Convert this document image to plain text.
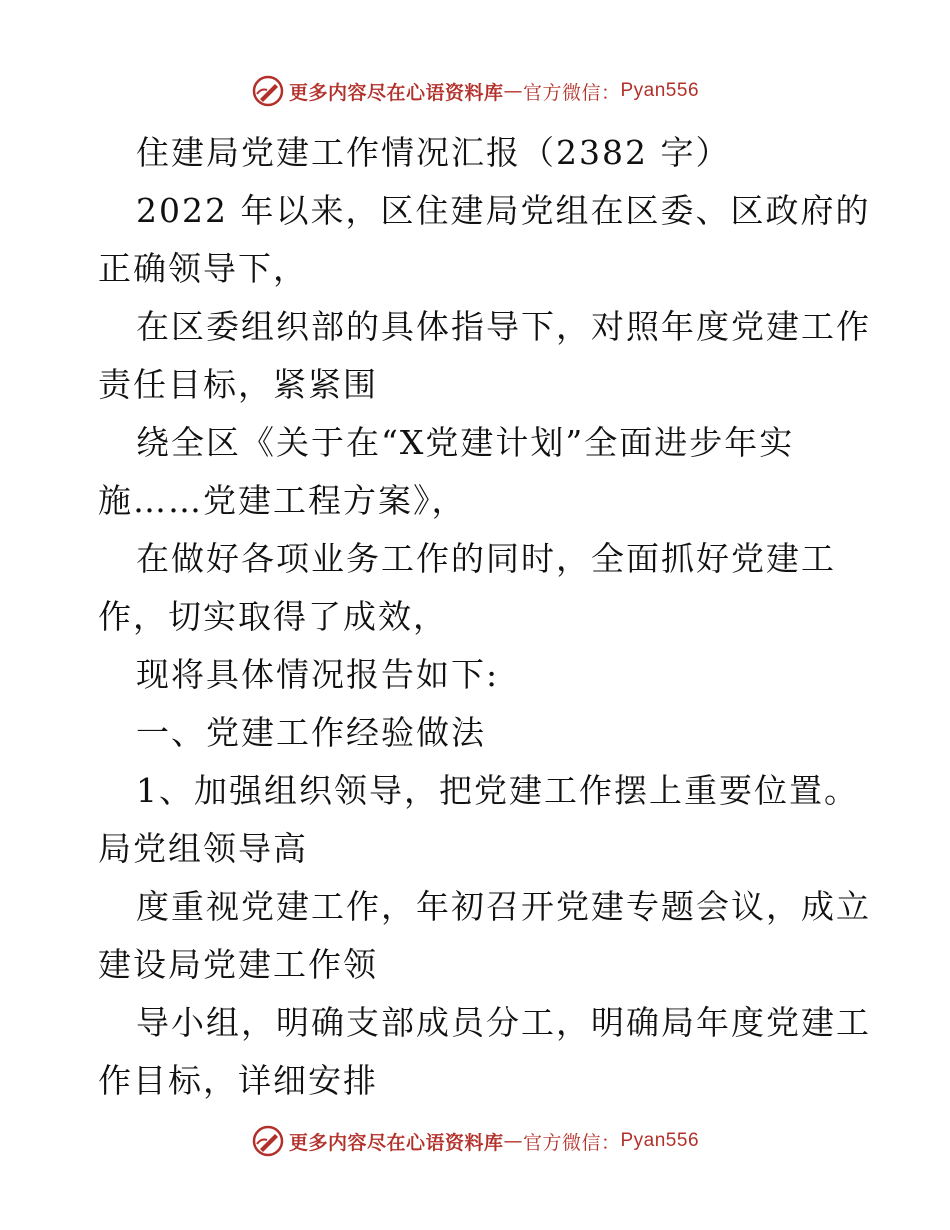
更多内容尽在心语资料库 — 官方微信： Pyan556
住建局党建工作情况汇报（2382 字）
2022 年以来，区住建局党组在区委、区政府的
正确领导下，
在区委组织部的具体指导下，对照年度党建工作
责任目标，紧紧围
绕全区《关于在“X党建计划”全面进步年实
施……党建工程方案》，
在做好各项业务工作的同时，全面抓好党建工
作，切实取得了成效，
现将具体情况报告如下:
一、党建工作经验做法
1、加强组织领导，把党建工作摆上重要位置。
局党组领导高
度重视党建工作，年初召开党建专题会议，成立
建设局党建工作领
导小组，明确支部成员分工，明确局年度党建工
作目标，详细安排
更多内容尽在心语资料库 — 官方微信： Pyan556
